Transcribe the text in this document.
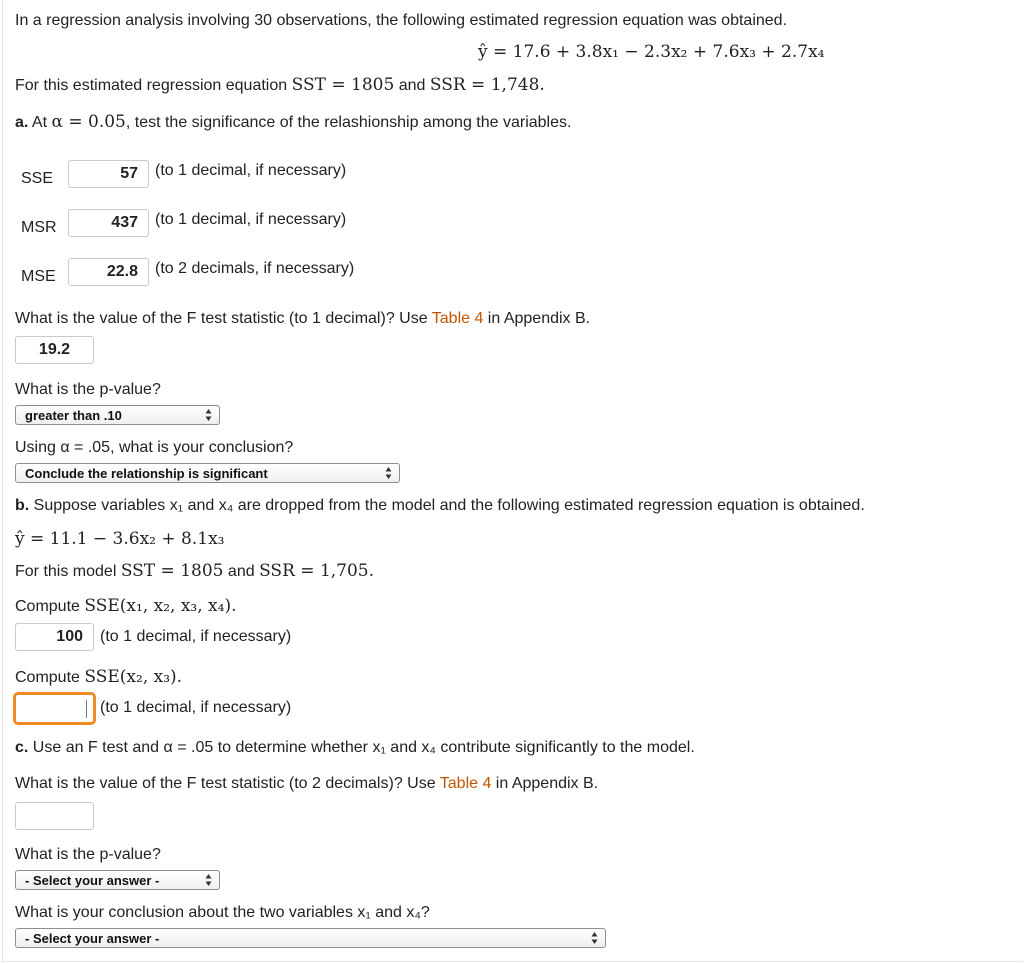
In a regression analysis involving 30 observations, the following estimated regression equation was obtained.
ŷ = 17.6 + 3.8x₁ − 2.3x₂ + 7.6x₃ + 2.7x₄
For this estimated regression equation SST = 1805 and SSR = 1,748.
a. At α = 0.05, test the significance of the relashionship among the variables.
SSE	57	(to 1 decimal, if necessary)
MSR	437	(to 1 decimal, if necessary)
MSE	22.8	(to 2 decimals, if necessary)
What is the value of the F test statistic (to 1 decimal)? Use Table 4 in Appendix B.
19.2
What is the p-value?
greater than .10
Using α = .05, what is your conclusion?
Conclude the relationship is significant
b. Suppose variables x₁ and x₄ are dropped from the model and the following estimated regression equation is obtained.
ŷ = 11.1 − 3.6x₂ + 8.1x₃
For this model SST = 1805 and SSR = 1,705.
Compute SSE(x₁, x₂, x₃, x₄).
100	(to 1 decimal, if necessary)
Compute SSE(x₂, x₃).
(to 1 decimal, if necessary)
c. Use an F test and α = .05 to determine whether x₁ and x₄ contribute significantly to the model.
What is the value of the F test statistic (to 2 decimals)? Use Table 4 in Appendix B.
What is the p-value?
- Select your answer -
What is your conclusion about the two variables x₁ and x₄?
- Select your answer -
